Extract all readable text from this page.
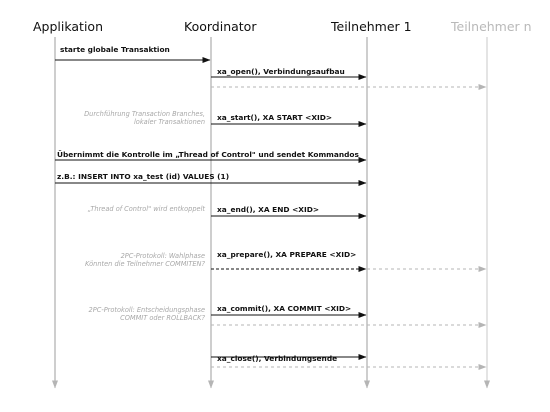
Applikation	Koordinator	Teilnehmer 1	Teilnehmer n
starte globale Transaktion
xa_open(), Verbindungsaufbau
xa_start(), XA START <XID>
Übernimmt die Kontrolle im „Thread of Control" und sendet Kommandos
z.B.: INSERT INTO xa_test (id) VALUES (1)
xa_end(), XA END <XID>
xa_prepare(), XA PREPARE <XID>
xa_commit(), XA COMMIT <XID>
xa_close(), Verbindungsende
Durchführung Transaction Branches,
lokaler Transaktionen
„Thread of Control" wird entkoppelt
2PC-Protokoll: Wahlphase
Könnten die Teilnehmer COMMITEN?
2PC-Protokoll: Entscheidungsphase
COMMIT oder ROLLBACK?
